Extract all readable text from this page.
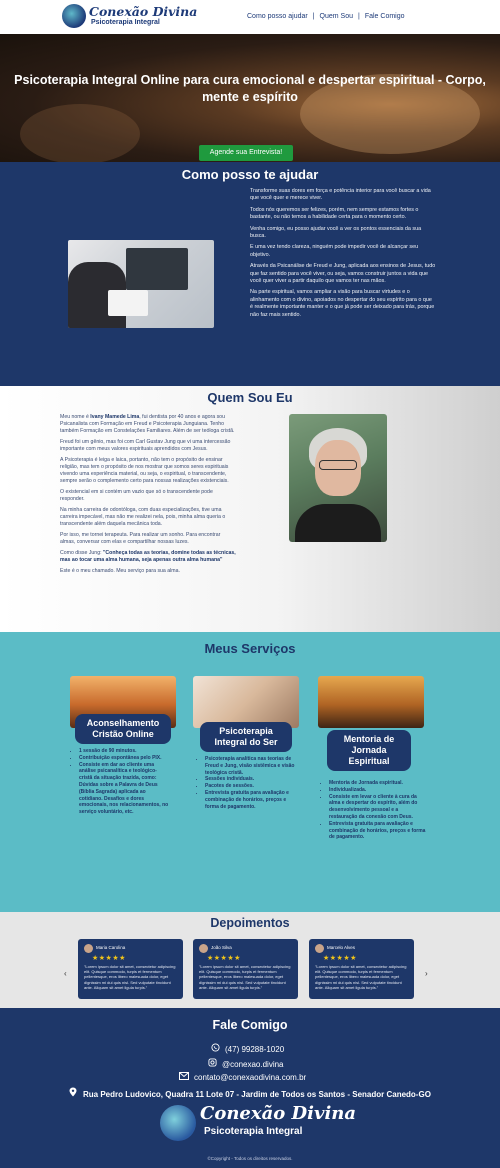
Conexão Divina
Psicoterapia Integral
Como posso ajudar | Quem Sou | Fale Comigo
Psicoterapia Integral Online para cura emocional e despertar espiritual - Corpo, mente e espírito
Agende sua Entrevista!
Como posso te ajudar

Transforme suas dores em força e potência interior para você buscar a vida que você quer e merece viver.

Todos nós queremos ser felizes, porém, nem sempre estamos fortes o bastante, ou não temos a habilidade certa para o momento certo.

Venha comigo, eu posso ajudar você a ver os pontos essenciais da sua busca.

E uma vez tendo clareza, ninguém pode impedir você de alcançar seu objetivo.

Através da Psicanálise de Freud e Jung, aplicada aos ensinos de Jesus, tudo que faz sentido para você viver, ou seja, vamos construir juntos a vida que você quer viver a partir daquilo que vamos ter nas mãos.

Na parte espiritual, vamos ampliar a visão para buscar virtudes e o alinhamento com o divino, apoiados no despertar do seu espírito para o que é realmente importante manter e o que já pode ser deixado para trás, porque não faz mais sentido.

Quem Sou Eu

Meu nome é Ivany Mamede Lima, fui dentista por 40 anos e agora sou Psicanalista com Formação em Freud e Psicoterapia Junguiana. Tenho também Formação em Constelações Familiares. Além de ser teóloga cristã.

Freud foi um gênio, mas foi com Carl Gustav Jung que vi uma intercessão importante com meus valores espirituais aprendidos com Jesus.

A Psicoterapia é leiga e laica, portanto, não tem o propósito de ensinar religião, mas tem o propósito de nos mostrar que somos seres espirituais vivendo uma experiência material, ou seja, o espiritual, o transcendente, sempre serão o complemento certo para nossas realizações existenciais.

O existencial em si contém um vazio que só o transcendente pode responder.

Na minha carreira de odontóloga, com duas especializações, tive uma carreira impecável, mas não me realizei nela, pois, minha alma queria o transcendente além daquela mecânica toda.

Por isso, me tornei terapeuta. Para realizar um sonho. Para encontrar almas, conversar com elas e compartilhar nossas luzes.

Como disse Jung: "Conheça todas as teorias, domine todas as técnicas, mas ao tocar uma alma humana, seja apenas outra alma humana"

Este é o meu chamado. Meu serviço para sua alma.

Meus Serviços
Aconselhamento Cristão Online
• 1 sessão de 90 minutos.
• Contribuição espontânea pelo PIX.
• Consiste em dar ao cliente uma análise psicanalítica e teológico-cristã da situação trazida, como: Dúvidas sobre a Palavra de Deus (Bíblia Sagrada) aplicada ao cotidiano. Desafios e dores emocionais, nos relacionamentos, no serviço voluntário, etc.
Psicoterapia Integral do Ser
• Psicoterapia analítica nas teorias de Freud e Jung, visão sistêmica e visão teológica cristã.
• Sessões individuais.
• Pacotes de sessões.
• Entrevista gratuita para avaliação e combinação de horários, preços e forma de pagamento.
Mentoria de Jornada Espiritual
• Mentoria de Jornada espiritual.
• Individualizada.
• Consiste em levar o cliente à cura da alma e despertar do espírito, além do desenvolvimento pessoal e a restauração da conexão com Deus.
• Entrevista gratuita para avaliação e combinação de horários, preços e forma de pagamento.
Depoimentos
‹
Maria Carolina
★★★★★
"Lorem ipsum dolor sit amet, consectetur adipiscing elit. Quisque commodo, turpis et fermentum pellentesque, eros libero malesuada dolor, eget dignissim mi dui quis nisl. Sed vulputate tincidunt ante. Aliquam sit amet ligula turpis."
João Silva
★★★★★
"Lorem ipsum dolor sit amet, consectetur adipiscing elit. Quisque commodo, turpis et fermentum pellentesque, eros libero malesuada dolor, eget dignissim mi dui quis nisl. Sed vulputate tincidunt ante. Aliquam sit amet ligula turpis."
Marcelo Alves
★★★★★
"Lorem ipsum dolor sit amet, consectetur adipiscing elit. Quisque commodo, turpis et fermentum pellentesque, eros libero malesuada dolor, eget dignissim mi dui quis nisl. Sed vulputate tincidunt ante. Aliquam sit amet ligula turpis."
›
Fale Comigo
(47) 99288-1020
@conexao.divina
contato@conexaodivina.com.br
Rua Pedro Ludovico, Quadra 11 Lote 07 - Jardim de Todos os Santos - Senador Canedo-GO
Conexão Divina
Psicoterapia Integral
©Copyright - Todos os direitos reservados.
